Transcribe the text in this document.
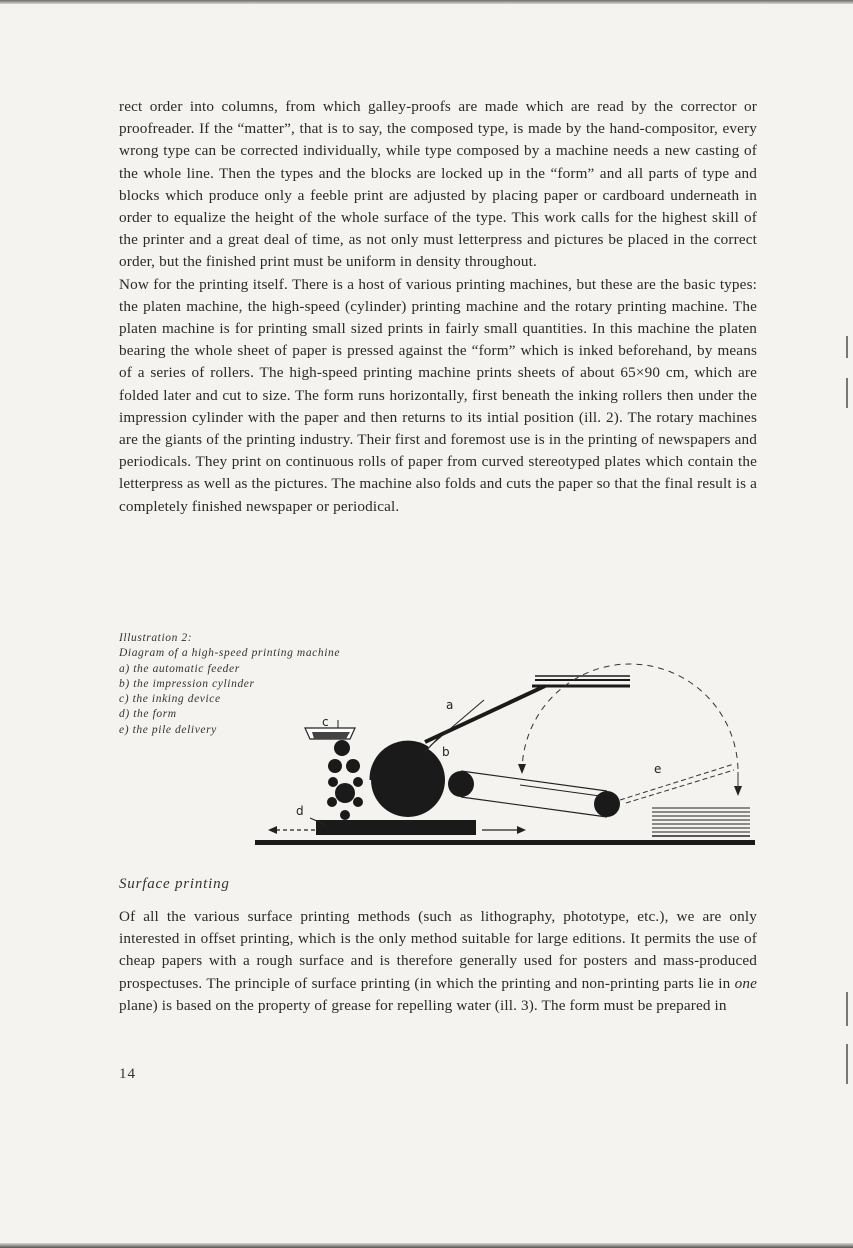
rect order into columns, from which galley-proofs are made which are read by the corrector or proofreader. If the “matter”, that is to say, the composed type, is made by the hand-compositor, every wrong type can be corrected individually, while type composed by a machine needs a new casting of the whole line. Then the types and the blocks are locked up in the “form” and all parts of type and blocks which produce only a feeble print are adjusted by placing paper or cardboard underneath in order to equalize the height of the whole surface of the type. This work calls for the highest skill of the printer and a great deal of time, as not only must letterpress and pictures be placed in the correct order, but the finished print must be uniform in density throughout.

Now for the printing itself. There is a host of various printing machines, but these are the basic types: the platen machine, the high-speed (cylinder) printing machine and the rotary printing machine. The platen machine is for printing small sized prints in fairly small quantities. In this machine the platen bearing the whole sheet of paper is pressed against the “form” which is inked beforehand, by means of a series of rollers. The high-speed printing machine prints sheets of about 65×90 cm, which are folded later and cut to size. The form runs horizontally, first beneath the inking rollers then under the impression cylinder with the paper and then returns to its intial position (ill. 2). The rotary machines are the giants of the printing industry. Their first and foremost use is in the printing of newspapers and periodicals. They print on continuous rolls of paper from curved stereotyped plates which contain the letterpress as well as the pictures. The machine also folds and cuts the paper so that the final result is a completely finished newspaper or periodical.

Illustration 2:
Diagram of a high-speed printing machine
a) the automatic feeder
b) the impression cylinder
c) the inking device
d) the form
e) the pile delivery
a
b
c
d
e
Surface printing

Of all the various surface printing methods (such as lithography, phototype, etc.), we are only interested in offset printing, which is the only method suitable for large editions. It permits the use of cheap papers with a rough surface and is therefore generally used for posters and mass-produced prospectuses. The principle of surface printing (in which the printing and non-printing parts lie in one plane) is based on the property of grease for repelling water (ill. 3). The form must be prepared in

14
